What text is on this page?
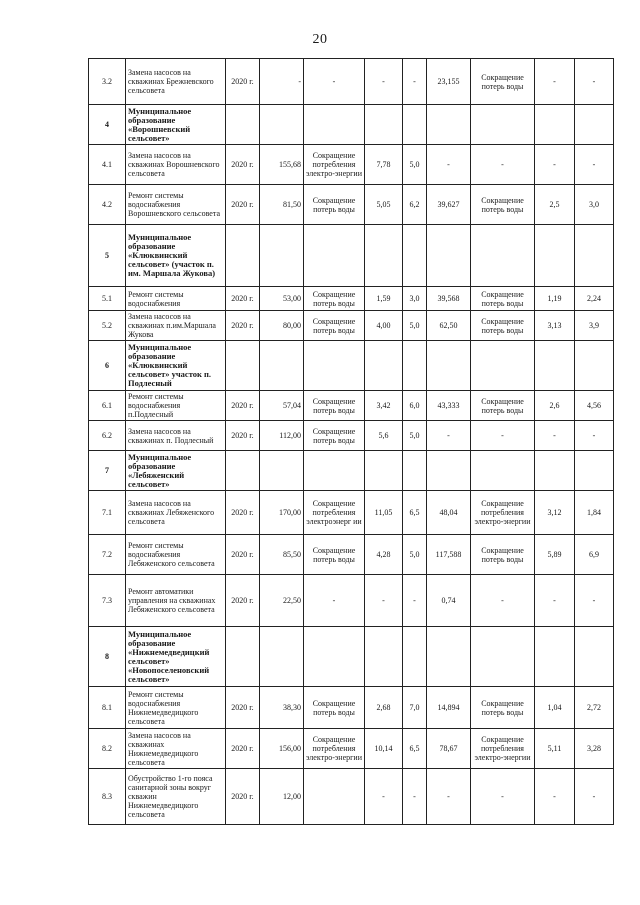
20
3.2	Замена насосов на скважинах Брежневского сельсовета	2020 г.	-	-	-	-	23,155	Сокращение потерь воды	-	-
4	Муниципальное образование «Ворошневский сельсовет»									
4.1	Замена насосов на скважинах Ворошневского сельсовета	2020 г.	155,68	Сокращение потребления электро-энергии	7,78	5,0	-	-	-	-
4.2	Ремонт системы водоснабжения Ворошневского сельсовета	2020 г.	81,50	Сокращение потерь воды	5,05	6,2	39,627	Сокращение потерь воды	2,5	3,0
5	Муниципальное образование «Клюквинский сельсовет» (участок п. им. Маршала Жукова)									
5.1	Ремонт системы водоснабжения	2020 г.	53,00	Сокращение потерь воды	1,59	3,0	39,568	Сокращение потерь воды	1,19	2,24
5.2	Замена насосов на скважинах п.им.Маршала Жукова	2020 г.	80,00	Сокращение потерь воды	4,00	5,0	62,50	Сокращение потерь воды	3,13	3,9
6	Муниципальное образование «Клюквинский сельсовет» участок п. Подлесный									
6.1	Ремонт системы водоснабжения п.Подлесный	2020 г.	57,04	Сокращение потерь воды	3,42	6,0	43,333	Сокращение потерь воды	2,6	4,56
6.2	Замена насосов на скважинах п. Подлесный	2020 г.	112,00	Сокращение потерь воды	5,6	5,0	-	-	-	-
7	Муниципальное образование «Лебяженский сельсовет»									
7.1	Замена насосов на скважинах Лебяженского сельсовета	2020 г.	170,00	Сокращение потребления электроэнерг ии	11,05	6,5	48,04	Сокращение потребления электро-энергии	3,12	1,84
7.2	Ремонт системы водоснабжения Лебяженского сельсовета	2020 г.	85,50	Сокращение потерь воды	4,28	5,0	117,588	Сокращение потерь воды	5,89	6,9
7.3	Ремонт автоматики управления на скважинах Лебяженского сельсовета	2020 г.	22,50	-	-	-	0,74	-	-	-
8	Муниципальное образование «Нижнемедведицкий сельсовет» «Новопоселеновский сельсовет»									
8.1	Ремонт системы водоснабжения Нижнемедведицкого сельсовета	2020 г.	38,30	Сокращение потерь воды	2,68	7,0	14,894	Сокращение потерь воды	1,04	2,72
8.2	Замена насосов на скважинах Нижнемедведицкого сельсовета	2020 г.	156,00	Сокращение потребления электро-энергии	10,14	6,5	78,67	Сокращение потребления электро-энергии	5,11	3,28
8.3	Обустройство 1-го пояса санитарной зоны вокруг скважин Нижнемедведицкого сельсовета	2020 г.	12,00		-	-	-	-	-	-
